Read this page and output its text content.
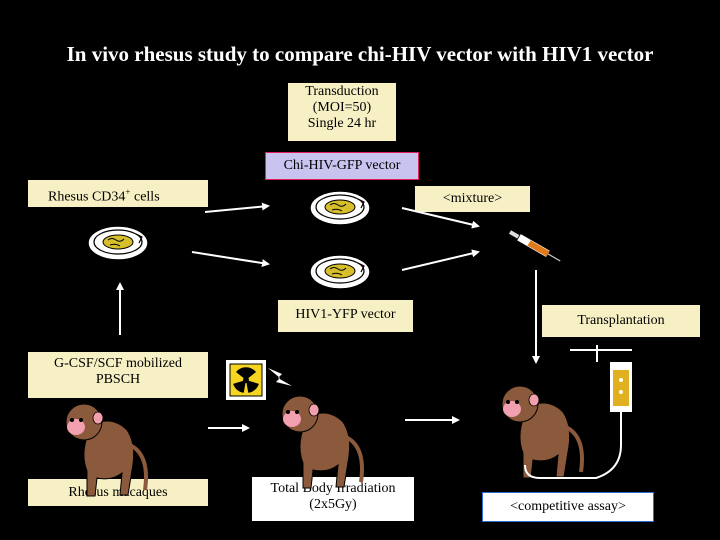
In vivo rhesus study to compare chi-HIV vector with HIV1 vector
Transduction
(MOI=50)
Single 24 hr
Chi-HIV-GFP vector
Rhesus CD34+ cells	<mixture>
HIV1-YFP vector	Transplantation
G-CSF/SCF mobilized
PBSCH
Rhesus macaques	Total Body Irradiation
(2x5Gy)	<competitive assay>
